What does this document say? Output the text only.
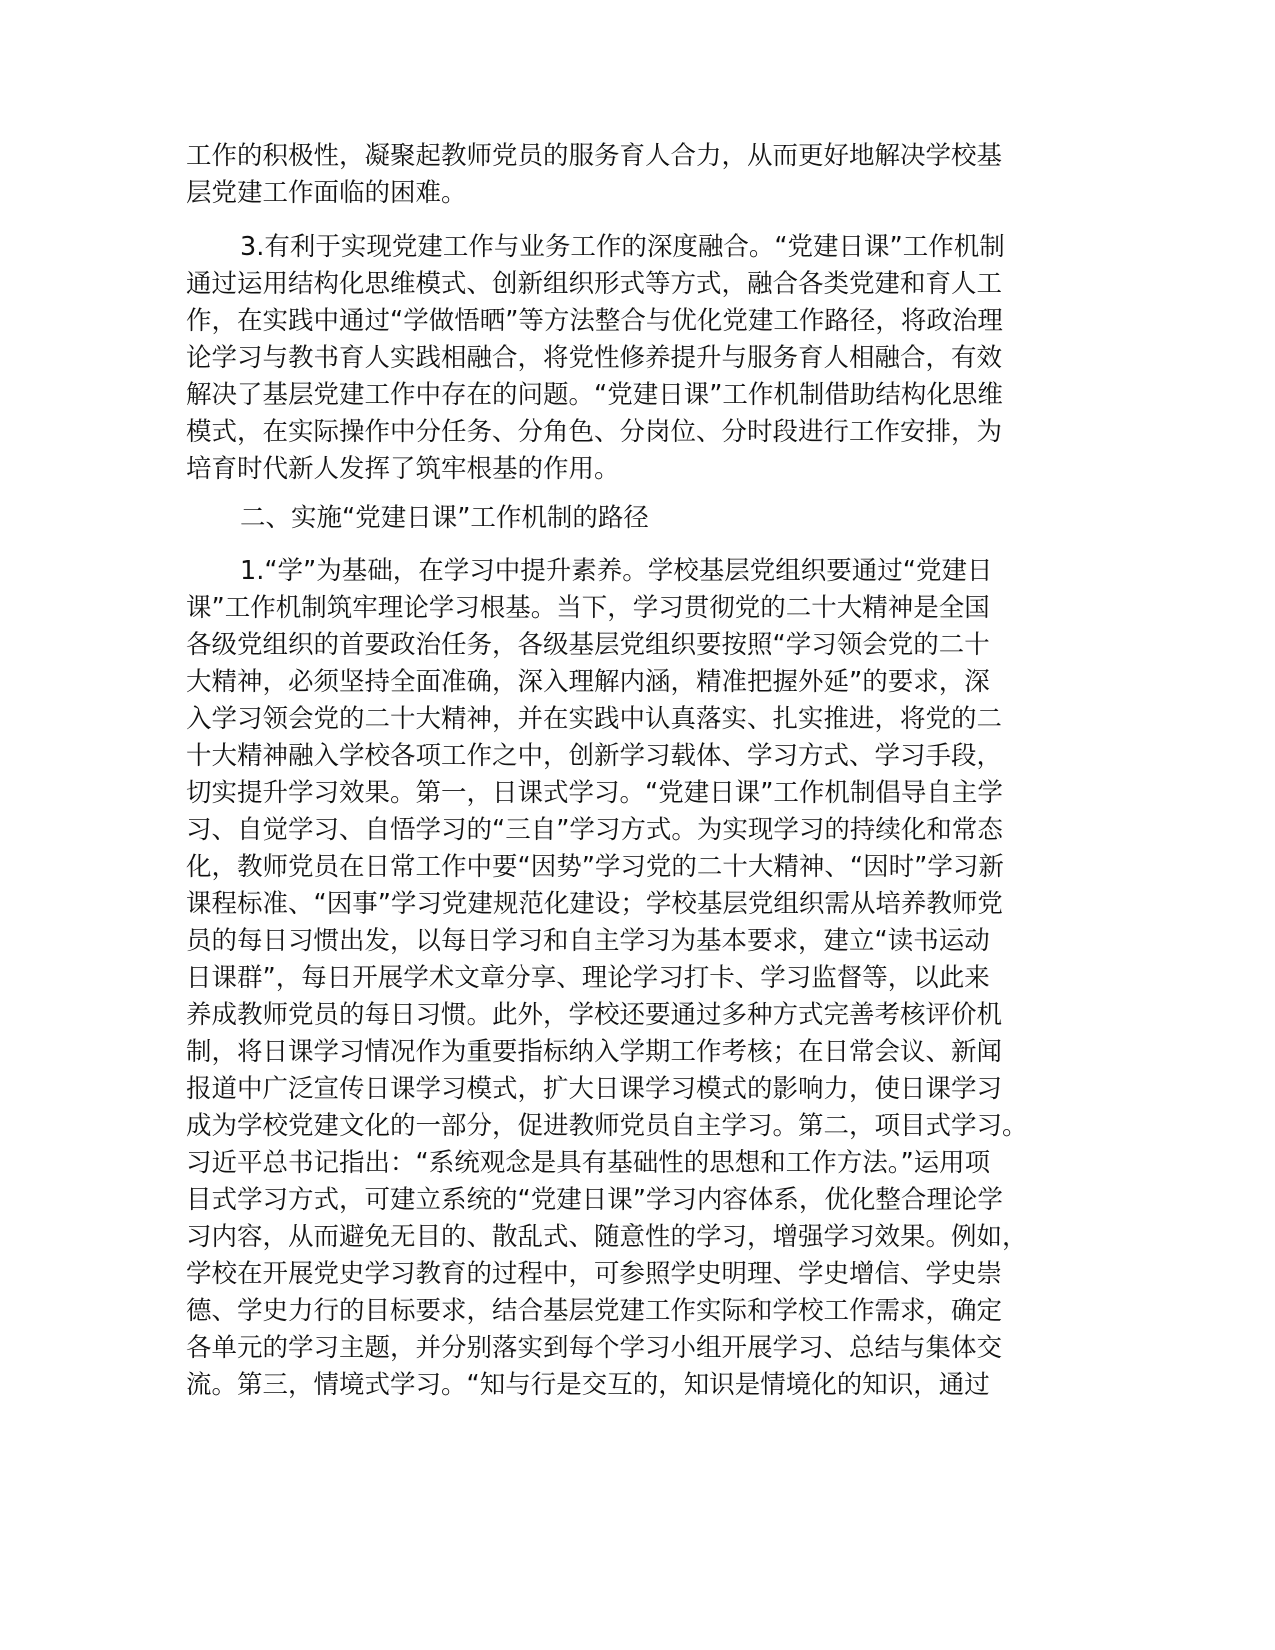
工作的积极性，凝聚起教师党员的服务育人合力，从而更好地解决学校基
层党建工作面临的困难。
3.有利于实现党建工作与业务工作的深度融合。“党建日课”工作机制
通过运用结构化思维模式、创新组织形式等方式，融合各类党建和育人工
作，在实践中通过“学做悟晒”等方法整合与优化党建工作路径，将政治理
论学习与教书育人实践相融合，将党性修养提升与服务育人相融合，有效
解决了基层党建工作中存在的问题。“党建日课”工作机制借助结构化思维
模式，在实际操作中分任务、分角色、分岗位、分时段进行工作安排，为
培育时代新人发挥了筑牢根基的作用。
二、实施“党建日课”工作机制的路径
1.“学”为基础，在学习中提升素养。学校基层党组织要通过“党建日
课”工作机制筑牢理论学习根基。当下，学习贯彻党的二十大精神是全国
各级党组织的首要政治任务，各级基层党组织要按照“学习领会党的二十
大精神，必须坚持全面准确，深入理解内涵，精准把握外延”的要求，深
入学习领会党的二十大精神，并在实践中认真落实、扎实推进，将党的二
十大精神融入学校各项工作之中，创新学习载体、学习方式、学习手段，
切实提升学习效果。第一，日课式学习。“党建日课”工作机制倡导自主学
习、自觉学习、自悟学习的“三自”学习方式。为实现学习的持续化和常态
化，教师党员在日常工作中要“因势”学习党的二十大精神、“因时”学习新
课程标准、“因事”学习党建规范化建设；学校基层党组织需从培养教师党
员的每日习惯出发，以每日学习和自主学习为基本要求，建立“读书运动
日课群”，每日开展学术文章分享、理论学习打卡、学习监督等，以此来
养成教师党员的每日习惯。此外，学校还要通过多种方式完善考核评价机
制，将日课学习情况作为重要指标纳入学期工作考核；在日常会议、新闻
报道中广泛宣传日课学习模式，扩大日课学习模式的影响力，使日课学习
成为学校党建文化的一部分，促进教师党员自主学习。第二，项目式学习。
习近平总书记指出：“系统观念是具有基础性的思想和工作方法。”运用项
目式学习方式，可建立系统的“党建日课”学习内容体系，优化整合理论学
习内容，从而避免无目的、散乱式、随意性的学习，增强学习效果。例如，
学校在开展党史学习教育的过程中，可参照学史明理、学史增信、学史崇
德、学史力行的目标要求，结合基层党建工作实际和学校工作需求，确定
各单元的学习主题，并分别落实到每个学习小组开展学习、总结与集体交
流。第三，情境式学习。“知与行是交互的，知识是情境化的知识，通过
